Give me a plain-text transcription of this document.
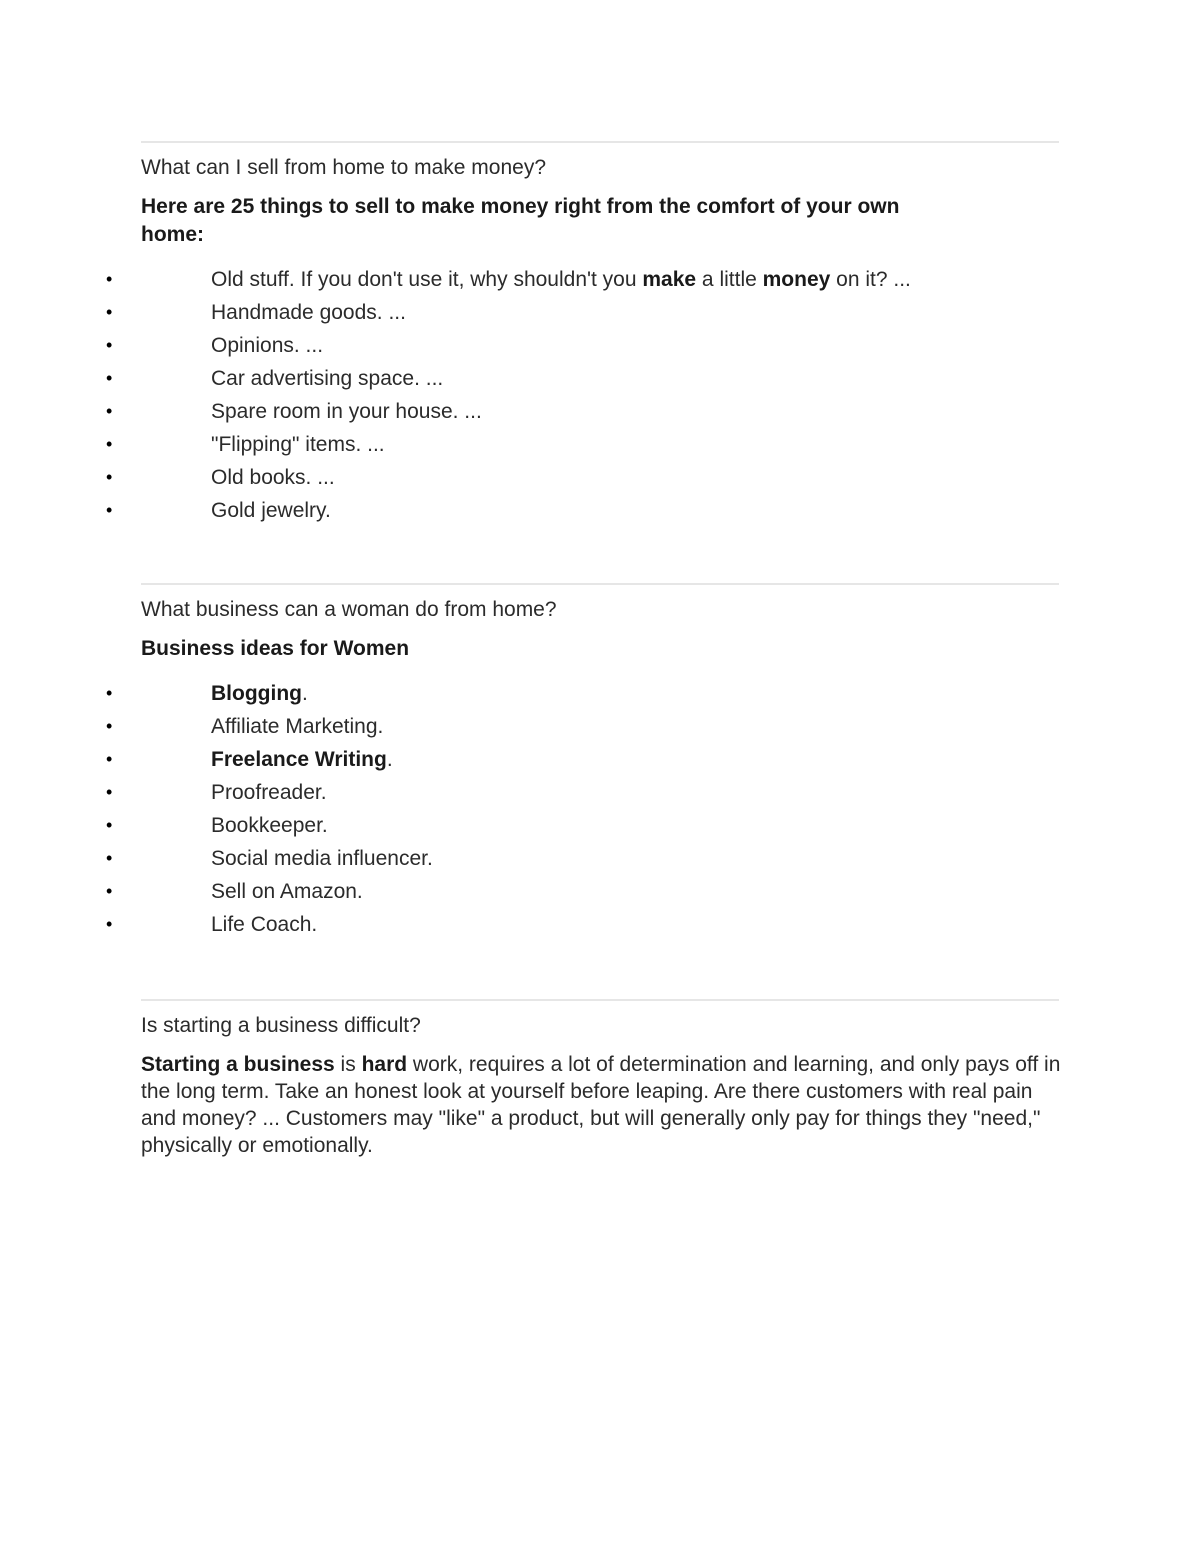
What can I sell from home to make money?
Here are 25 things to sell to make money right from the comfort of your own home:
•	Old stuff. If you don't use it, why shouldn't you make a little money on it? ...
•	Handmade goods. ...
•	Opinions. ...
•	Car advertising space. ...
•	Spare room in your house. ...
•	"Flipping" items. ...
•	Old books. ...
•	Gold jewelry.
What business can a woman do from home?
Business ideas for Women
•	Blogging.
•	Affiliate Marketing.
•	Freelance Writing.
•	Proofreader.
•	Bookkeeper.
•	Social media influencer.
•	Sell on Amazon.
•	Life Coach.
Is starting a business difficult?
Starting a business is hard work, requires a lot of determination and learning, and only pays off in the long term. Take an honest look at yourself before leaping. Are there customers with real pain and money? ... Customers may "like" a product, but will generally only pay for things they "need," physically or emotionally.
